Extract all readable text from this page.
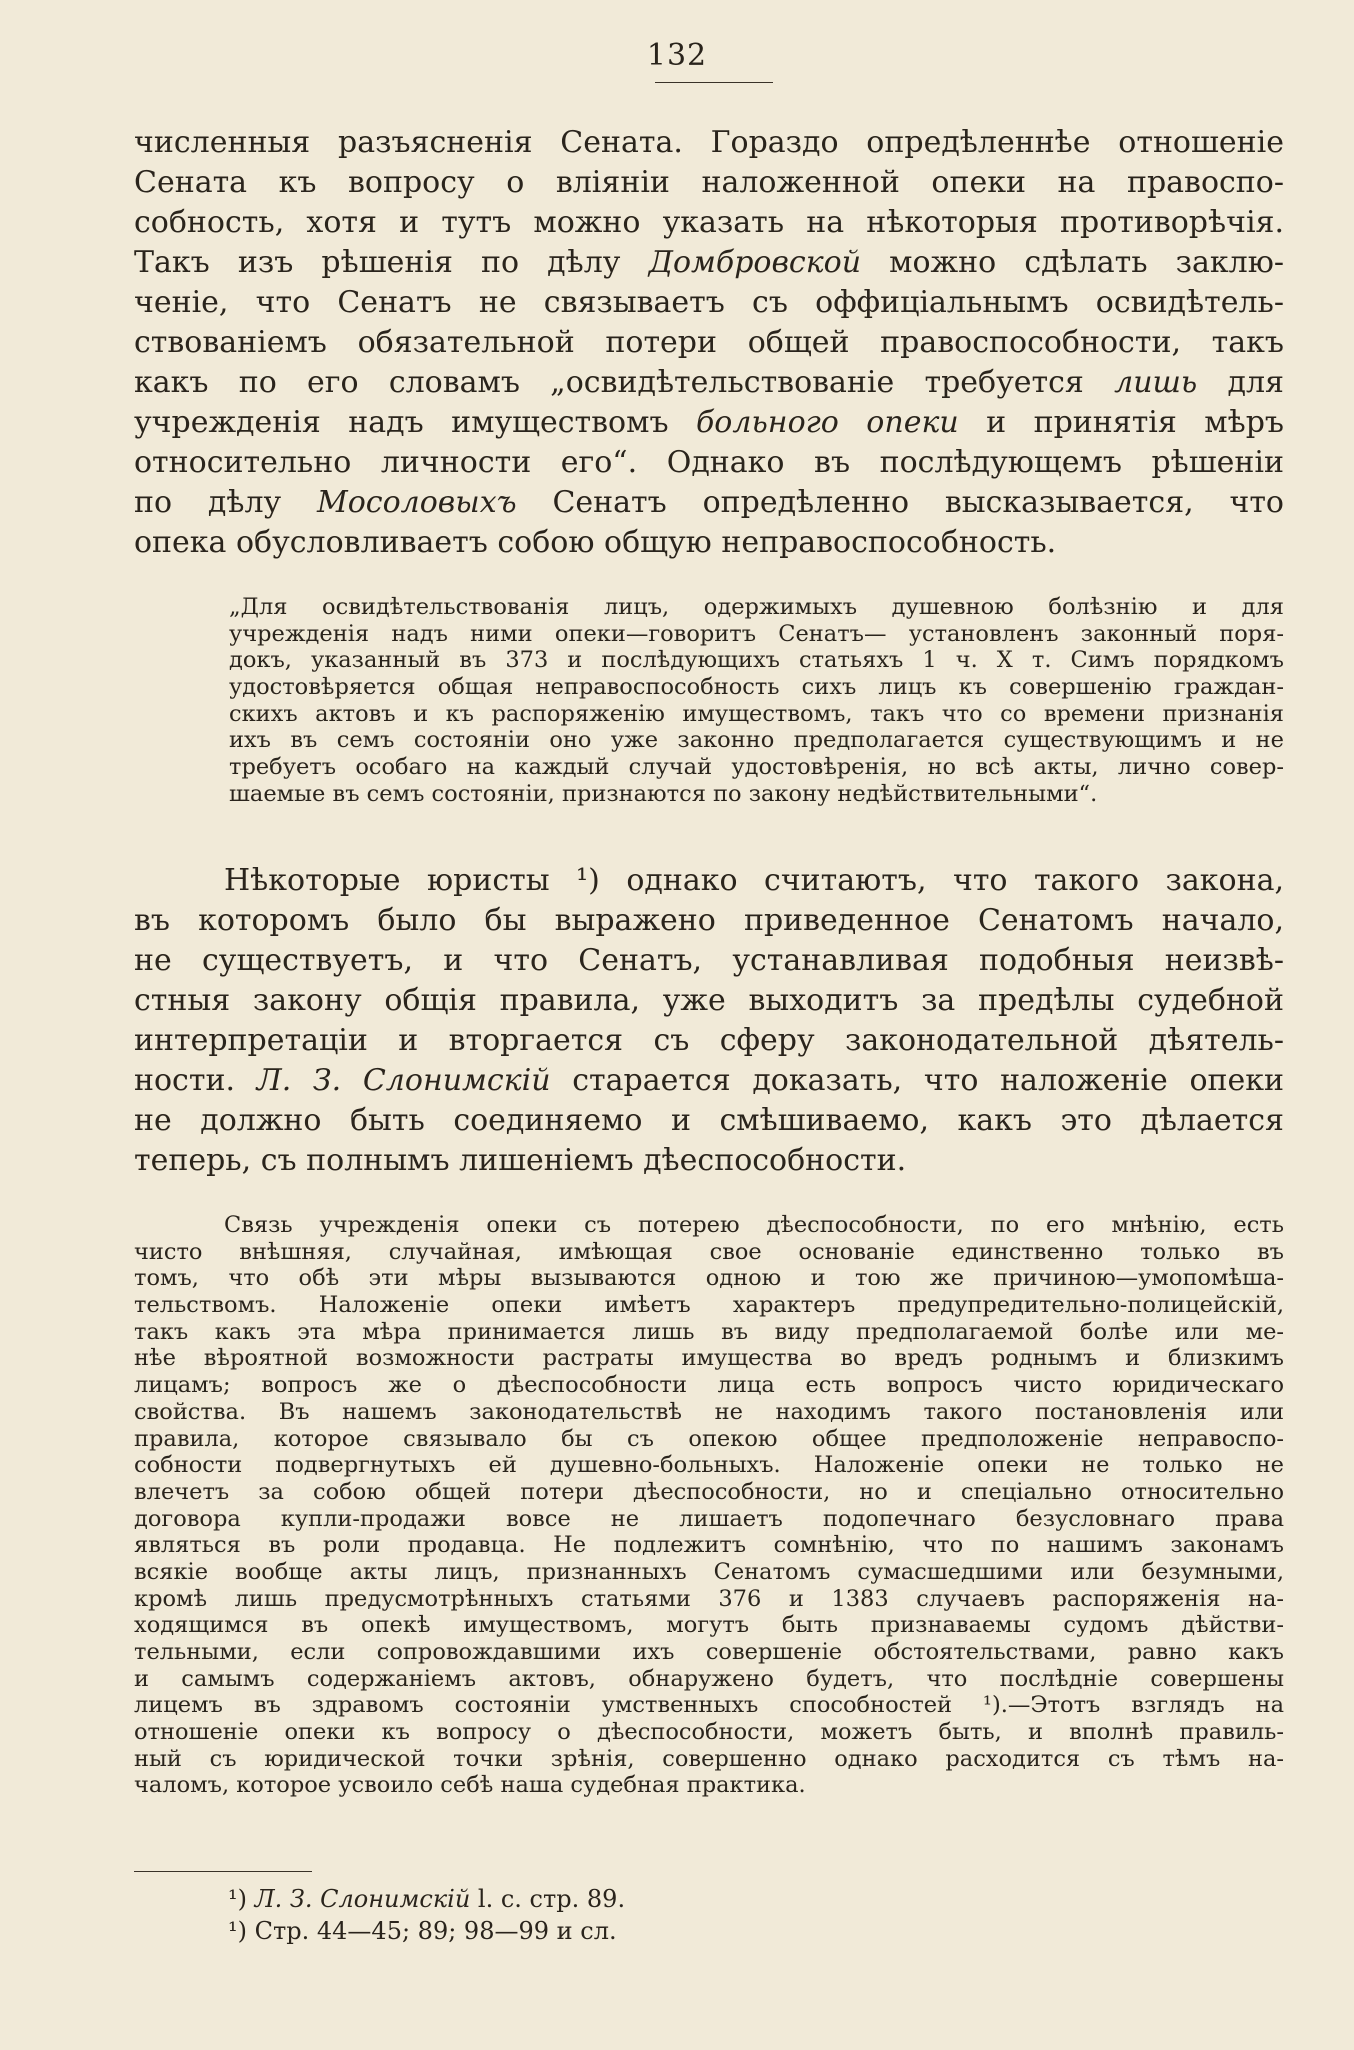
132
численныя разъясненія Сената. Гораздо опредѣленнѣе отношеніе
Сената къ вопросу о вліяніи наложенной опеки на правоспо-
собность, хотя и тутъ можно указать на нѣкоторыя противорѣчія.
Такъ изъ рѣшенія по дѣлу Домбровской можно сдѣлать заклю-
ченіе, что Сенатъ не связываетъ съ оффиціальнымъ освидѣтель-
ствованіемъ обязательной потери общей правоспособности, такъ
какъ по его словамъ „освидѣтельствованіе требуется лишь для
учрежденія надъ имуществомъ больного опеки и принятія мѣръ
относительно личности его“. Однако въ послѣдующемъ рѣшеніи
по дѣлу Мосоловыхъ Сенатъ опредѣленно высказывается, что
опека обусловливаетъ собою общую неправоспособность.
„Для освидѣтельствованія лицъ, одержимыхъ душевною болѣзнію и для
учрежденія надъ ними опеки—говоритъ Сенатъ— установленъ законный поря-
докъ, указанный въ 373 и послѣдующихъ статьяхъ 1 ч. X т. Симъ порядкомъ
удостовѣряется общая неправоспособность сихъ лицъ къ совершенію граждан-
скихъ актовъ и къ распоряженію имуществомъ, такъ что со времени признанія
ихъ въ семъ состояніи оно уже законно предполагается существующимъ и не
требуетъ особаго на каждый случай удостовѣренія, но всѣ акты, лично совер-
шаемые въ семъ состояніи, признаются по закону недѣйствительными“.
Нѣкоторые юристы ¹) однако считаютъ, что такого закона,
въ которомъ было бы выражено приведенное Сенатомъ начало,
не существуетъ, и что Сенатъ, устанавливая подобныя неизвѣ-
стныя закону общія правила, уже выходитъ за предѣлы судебной
интерпретаціи и вторгается съ сферу законодательной дѣятель-
ности. Л. З. Слонимскій старается доказать, что наложеніе опеки
не должно быть соединяемо и смѣшиваемо, какъ это дѣлается
теперь, съ полнымъ лишеніемъ дѣеспособности.
Связь учрежденія опеки съ потерею дѣеспособности, по его мнѣнію, есть
чисто внѣшняя, случайная, имѣющая свое основаніе единственно только въ
томъ, что обѣ эти мѣры вызываются одною и тою же причиною—умопомѣша-
тельствомъ. Наложеніе опеки имѣетъ характеръ предупредительно-полицейскій,
такъ какъ эта мѣра принимается лишь въ виду предполагаемой болѣе или ме-
нѣе вѣроятной возможности растраты имущества во вредъ роднымъ и близкимъ
лицамъ; вопросъ же о дѣеспособности лица есть вопросъ чисто юридическаго
свойства. Въ нашемъ законодательствѣ не находимъ такого постановленія или
правила, которое связывало бы съ опекою общее предположеніе неправоспо-
собности подвергнутыхъ ей душевно-больныхъ. Наложеніе опеки не только не
влечетъ за собою общей потери дѣеспособности, но и спеціально относительно
договора купли-продажи вовсе не лишаетъ подопечнаго безусловнаго права
являться въ роли продавца. Не подлежитъ сомнѣнію, что по нашимъ законамъ
всякіе вообще акты лицъ, признанныхъ Сенатомъ сумасшедшими или безумными,
кромѣ лишь предусмотрѣнныхъ статьями 376 и 1383 случаевъ распоряженія на-
ходящимся въ опекѣ имуществомъ, могутъ быть признаваемы судомъ дѣйстви-
тельными, если сопровождавшими ихъ совершеніе обстоятельствами, равно какъ
и самымъ содержаніемъ актовъ, обнаружено будетъ, что послѣдніе совершены
лицемъ въ здравомъ состояніи умственныхъ способностей ¹).—Этотъ взглядъ на
отношеніе опеки къ вопросу о дѣеспособности, можетъ быть, и вполнѣ правиль-
ный съ юридической точки зрѣнія, совершенно однако расходится съ тѣмъ на-
чаломъ, которое усвоило себѣ наша судебная практика.
¹) Л. З. Слонимскій l. c. стр. 89.
¹) Стр. 44—45; 89; 98—99 и сл.
